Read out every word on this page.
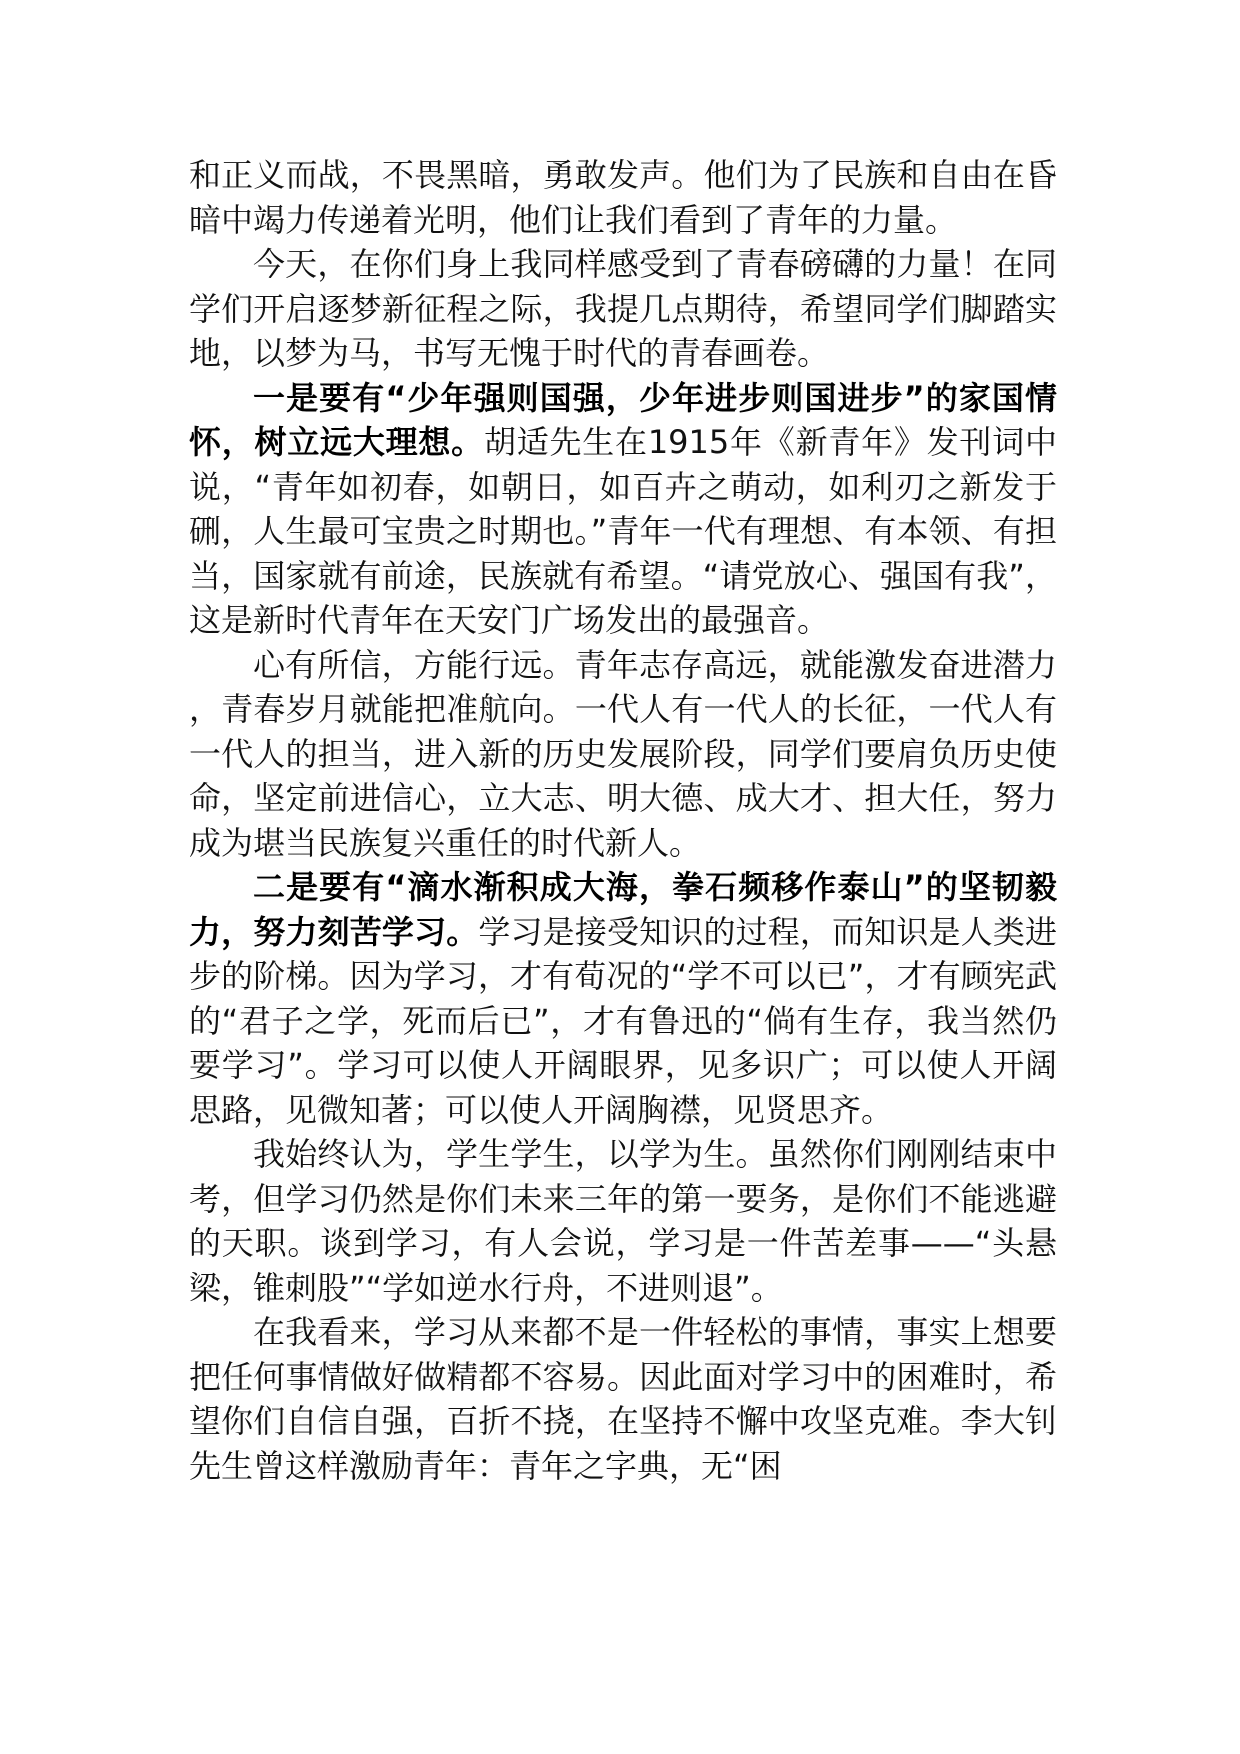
和正义而战，不畏黑暗，勇敢发声。他们为了民族和自由在昏暗中竭力传递着光明，他们让我们看到了青年的力量。

今天，在你们身上我同样感受到了青春磅礴的力量！在同学们开启逐梦新征程之际，我提几点期待，希望同学们脚踏实地，以梦为马，书写无愧于时代的青春画卷。

一是要有“少年强则国强，少年进步则国进步”的家国情怀，树立远大理想。胡适先生在1915年《新青年》发刊词中说，“青年如初春，如朝日，如百卉之萌动，如利刃之新发于硎，人生最可宝贵之时期也。”青年一代有理想、有本领、有担当，国家就有前途，民族就有希望。“请党放心、强国有我”，这是新时代青年在天安门广场发出的最强音。

心有所信，方能行远。青年志存高远，就能激发奋进潜力，青春岁月就能把准航向。一代人有一代人的长征，一代人有一代人的担当，进入新的历史发展阶段，同学们要肩负历史使命，坚定前进信心，立大志、明大德、成大才、担大任，努力成为堪当民族复兴重任的时代新人。

二是要有“滴水渐积成大海，拳石频移作泰山”的坚韧毅力，努力刻苦学习。学习是接受知识的过程，而知识是人类进步的阶梯。因为学习，才有荀况的“学不可以已”，才有顾宪武的“君子之学，死而后已”，才有鲁迅的“倘有生存，我当然仍要学习”。学习可以使人开阔眼界，见多识广；可以使人开阔思路，见微知著；可以使人开阔胸襟，见贤思齐。

我始终认为，学生学生，以学为生。虽然你们刚刚结束中考，但学习仍然是你们未来三年的第一要务，是你们不能逃避的天职。谈到学习，有人会说，学习是一件苦差事——“头悬梁，锥刺股”“学如逆水行舟，不进则退”。

在我看来，学习从来都不是一件轻松的事情，事实上想要把任何事情做好做精都不容易。因此面对学习中的困难时，希望你们自信自强，百折不挠，在坚持不懈中攻坚克难。李大钊先生曾这样激励青年：青年之字典，无“困
